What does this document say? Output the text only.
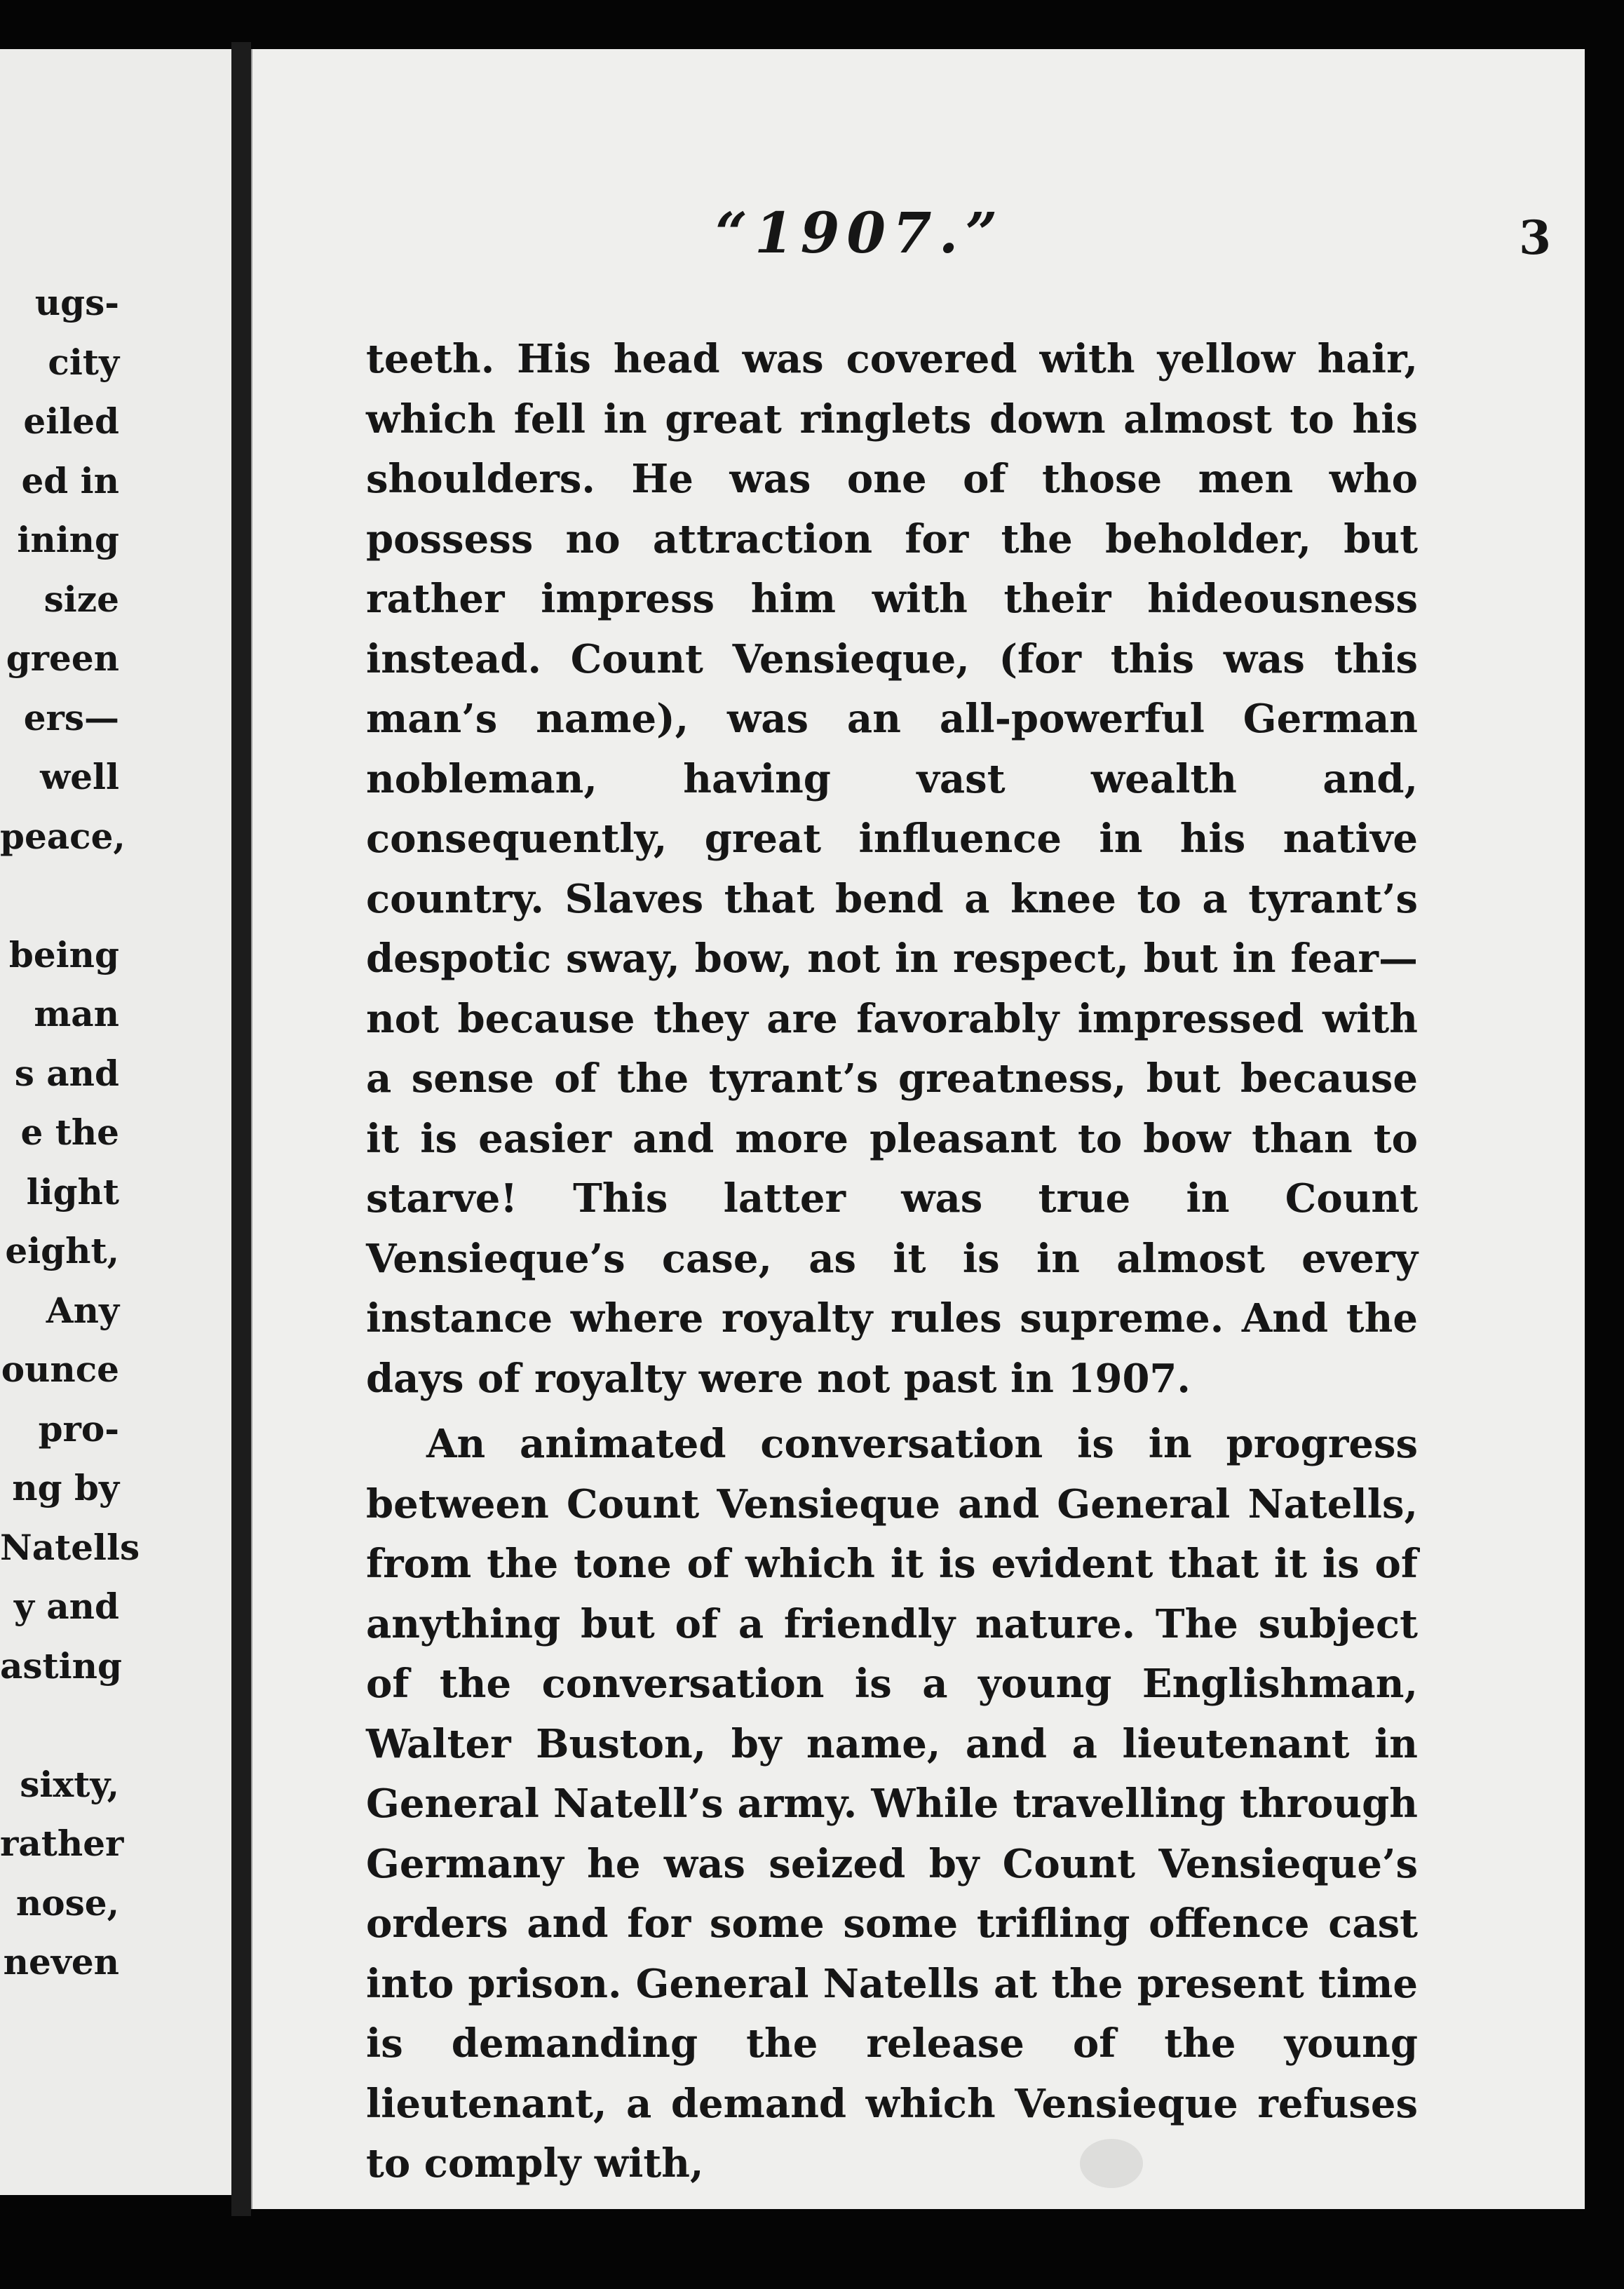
ugs-
city
eiled
ed in
ining
size
green
ers—
well
peace,
being
man
s and
e the
light
eight,
Any
ounce
pro-
ng by
Natells
y and
asting
sixty,
rather
nose,
neven
“1907.”	3

teeth. His head was covered with yellow hair, which fell in great ringlets down almost to his shoulders. He was one of those men who possess no attraction for the beholder, but rather impress him with their hideousness instead. Count Vensieque, (for this was this man’s name), was an all-powerful German nobleman, having vast wealth and, consequently, great influence in his native country. Slaves that bend a knee to a tyrant’s despotic sway, bow, not in respect, but in fear—not because they are favorably impressed with a sense of the tyrant’s greatness, but because it is easier and more pleasant to bow than to starve! This latter was true in Count Vensieque’s case, as it is in almost every instance where royalty rules supreme. And the days of royalty were not past in 1907.

An animated conversation is in progress between Count Vensieque and General Natells, from the tone of which it is evident that it is of anything but of a friendly nature. The subject of the conversation is a young Englishman, Walter Buston, by name, and a lieutenant in General Natell’s army. While travelling through Germany he was seized by Count Vensieque’s orders and for some some trifling offence cast into prison. General Natells at the present time is demanding the release of the young lieutenant, a demand which Vensieque refuses to comply with,
